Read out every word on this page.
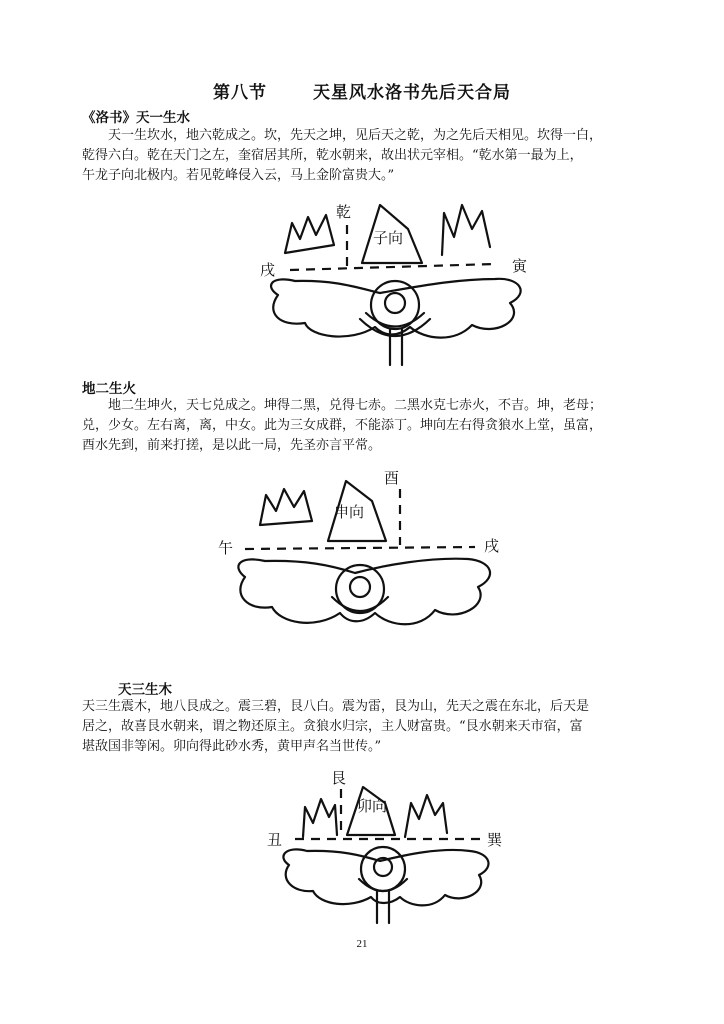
第八节	天星风水洛书先后天合局
《洛书》天一生水
天一生坎水，地六乾成之。坎，先天之坤，见后天之乾，为之先后天相见。坎得一白，
乾得六白。乾在天门之左，奎宿居其所，乾水朝来，故出状元宰相。“乾水第一最为上，
午龙子向北极内。若见乾峰侵入云，马上金阶富贵大。”
乾
子向
戌	寅
地二生火
地二生坤火，天七兑成之。坤得二黑，兑得七赤。二黑水克七赤火，不吉。坤，老母；
兑，少女。左右离，离，中女。此为三女成群，不能添丁。坤向左右得贪狼水上堂，虽富，
酉水先到，前来打搓，是以此一局，先圣亦言平常。
酉
申向
午	戌
天三生木
天三生震木，地八艮成之。震三碧，艮八白。震为雷，艮为山，先天之震在东北，后天是
居之，故喜艮水朝来，谓之物还原主。贪狼水归宗，主人财富贵。“艮水朝来天市宿，富
堪敌国非等闲。卯向得此砂水秀，黄甲声名当世传。”
艮
卯向
丑	巽
21
